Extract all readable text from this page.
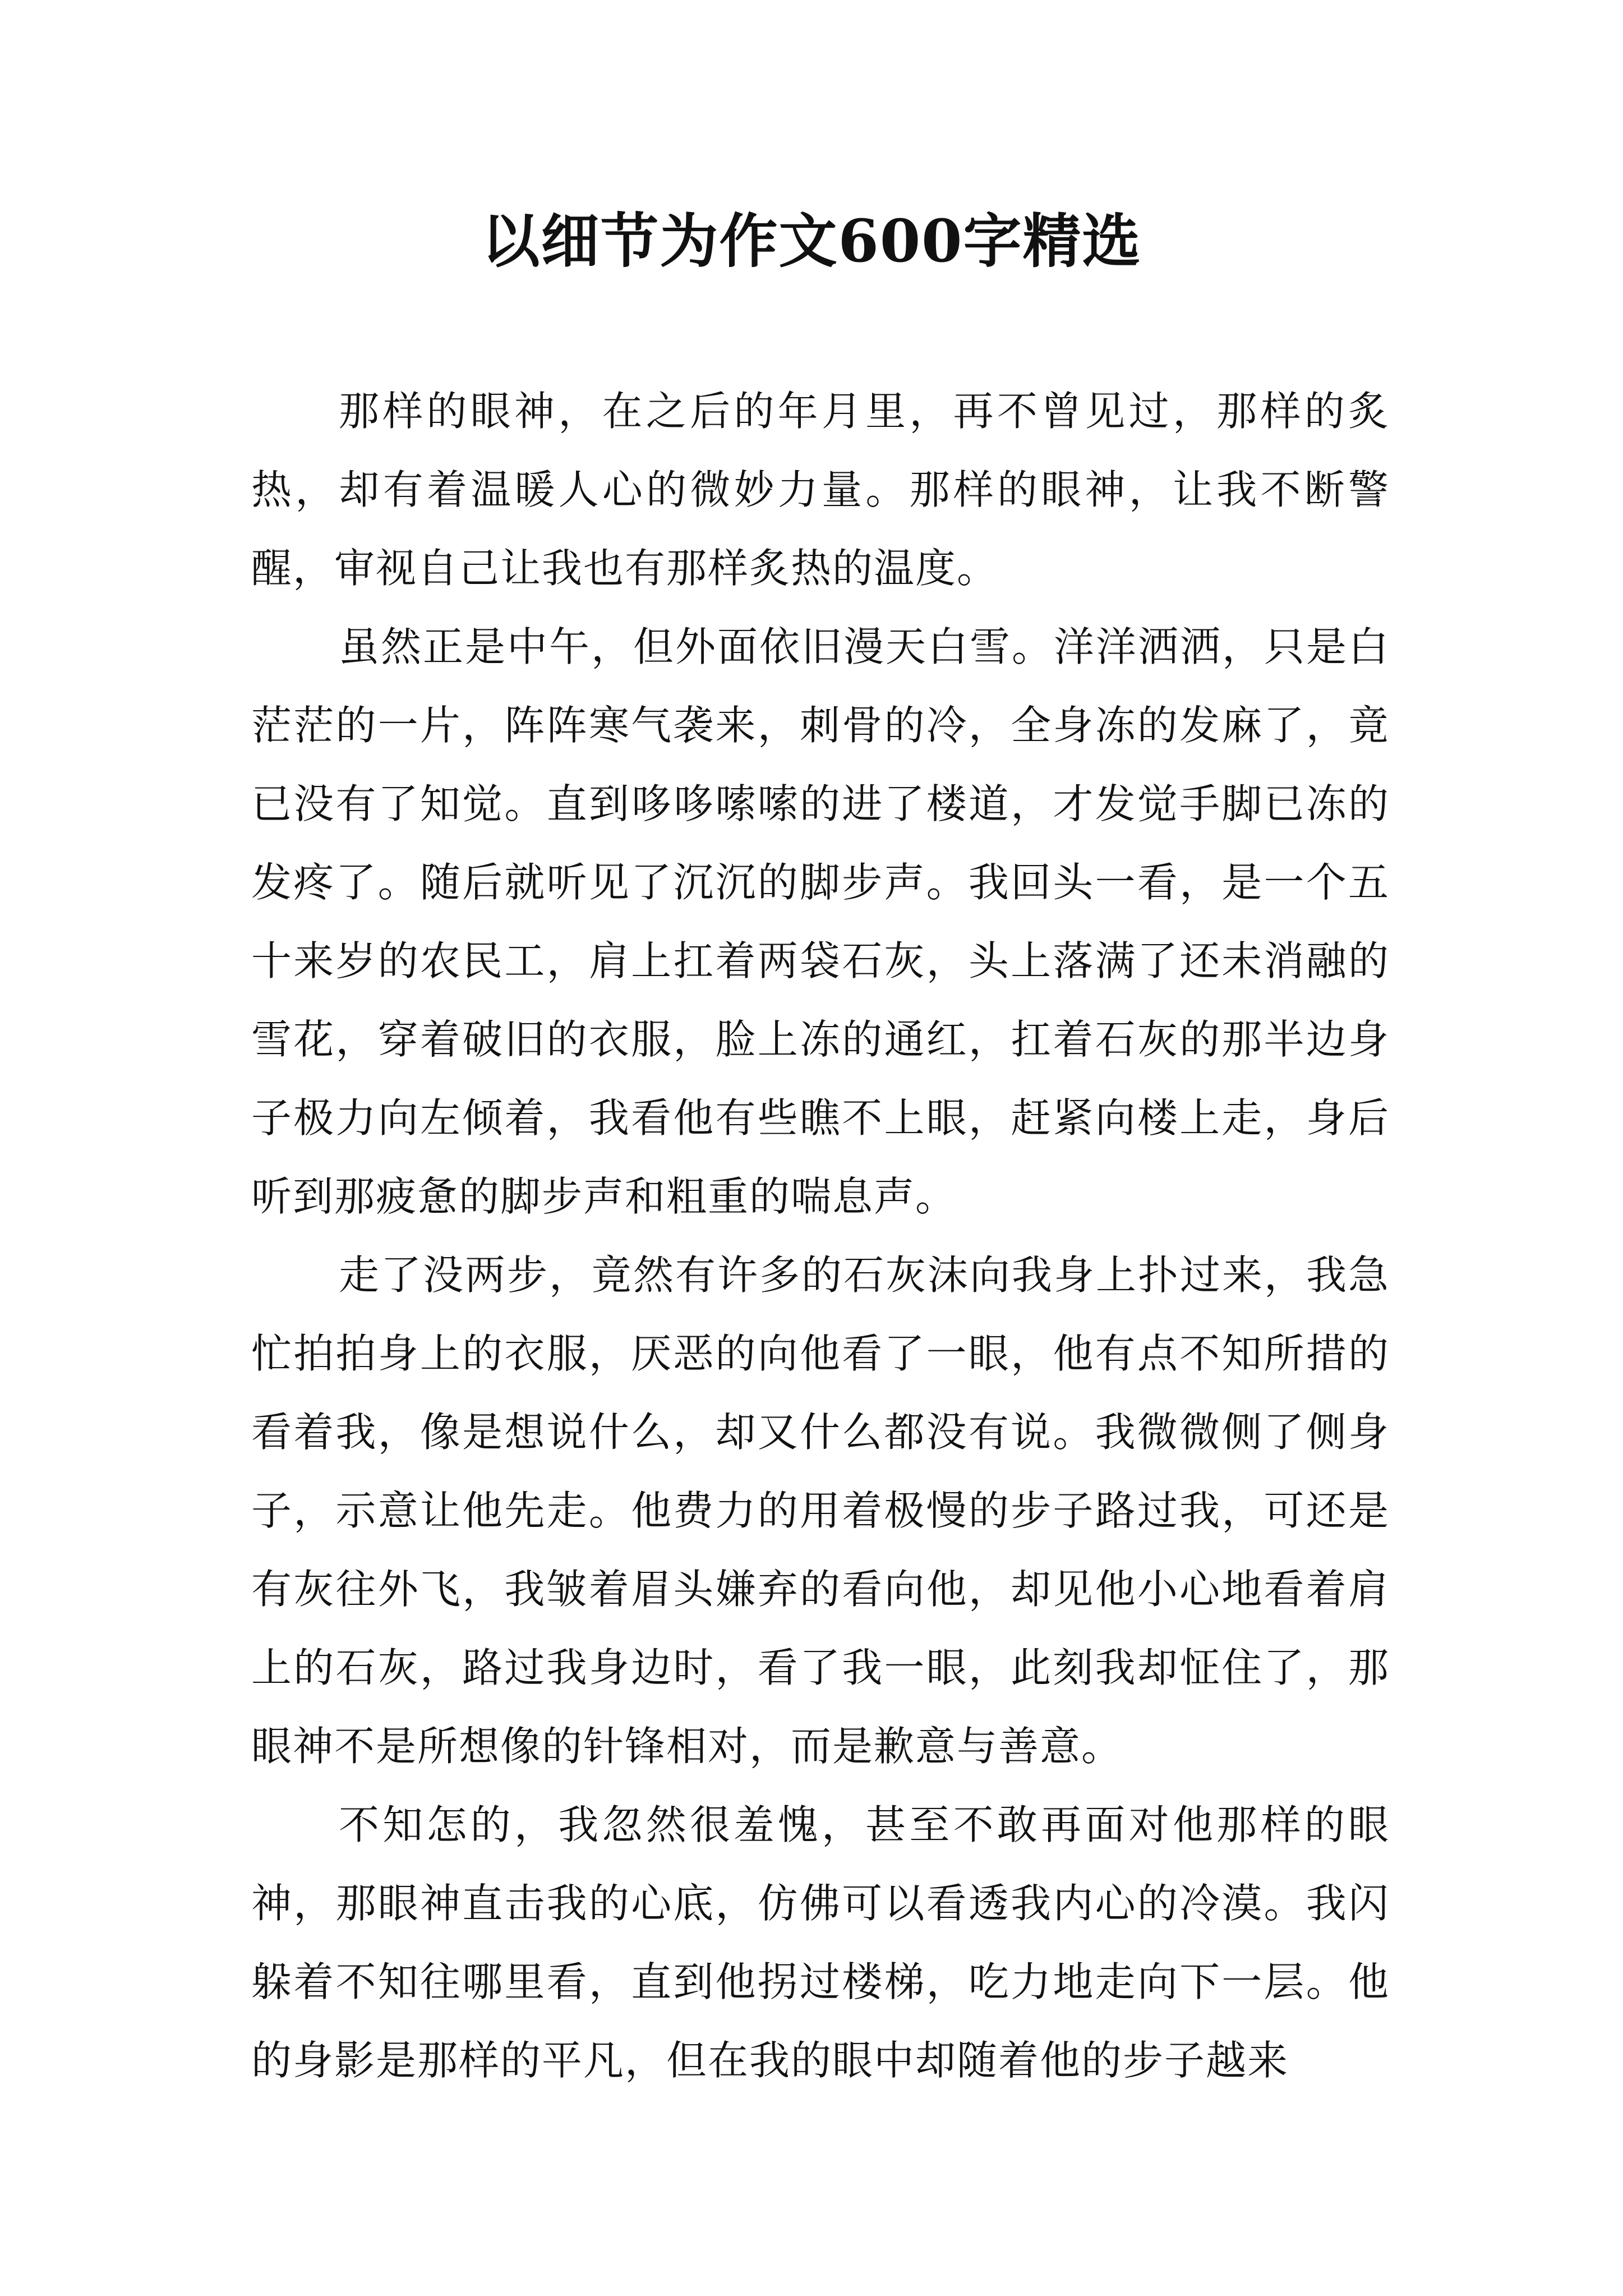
以细节为作文600字精选

那样的眼神，在之后的年月里，再不曾见过，那样的炙热，却有着温暖人心的微妙力量。那样的眼神，让我不断警醒，审视自己让我也有那样炙热的温度。

虽然正是中午，但外面依旧漫天白雪。洋洋洒洒，只是白茫茫的一片，阵阵寒气袭来，刺骨的冷，全身冻的发麻了，竟已没有了知觉。直到哆哆嗦嗦的进了楼道，才发觉手脚已冻的发疼了。随后就听见了沉沉的脚步声。我回头一看，是一个五十来岁的农民工，肩上扛着两袋石灰，头上落满了还未消融的雪花，穿着破旧的衣服，脸上冻的通红，扛着石灰的那半边身子极力向左倾着，我看他有些瞧不上眼，赶紧向楼上走，身后听到那疲惫的脚步声和粗重的喘息声。

走了没两步，竟然有许多的石灰沫向我身上扑过来，我急忙拍拍身上的衣服，厌恶的向他看了一眼，他有点不知所措的看着我，像是想说什么，却又什么都没有说。我微微侧了侧身子，示意让他先走。他费力的用着极慢的步子路过我，可还是有灰往外飞，我皱着眉头嫌弃的看向他，却见他小心地看着肩上的石灰，路过我身边时，看了我一眼，此刻我却怔住了，那眼神不是所想像的针锋相对，而是歉意与善意。

不知怎的，我忽然很羞愧，甚至不敢再面对他那样的眼神，那眼神直击我的心底，仿佛可以看透我内心的冷漠。我闪躲着不知往哪里看，直到他拐过楼梯，吃力地走向下一层。他的身影是那样的平凡，但在我的眼中却随着他的步子越来
